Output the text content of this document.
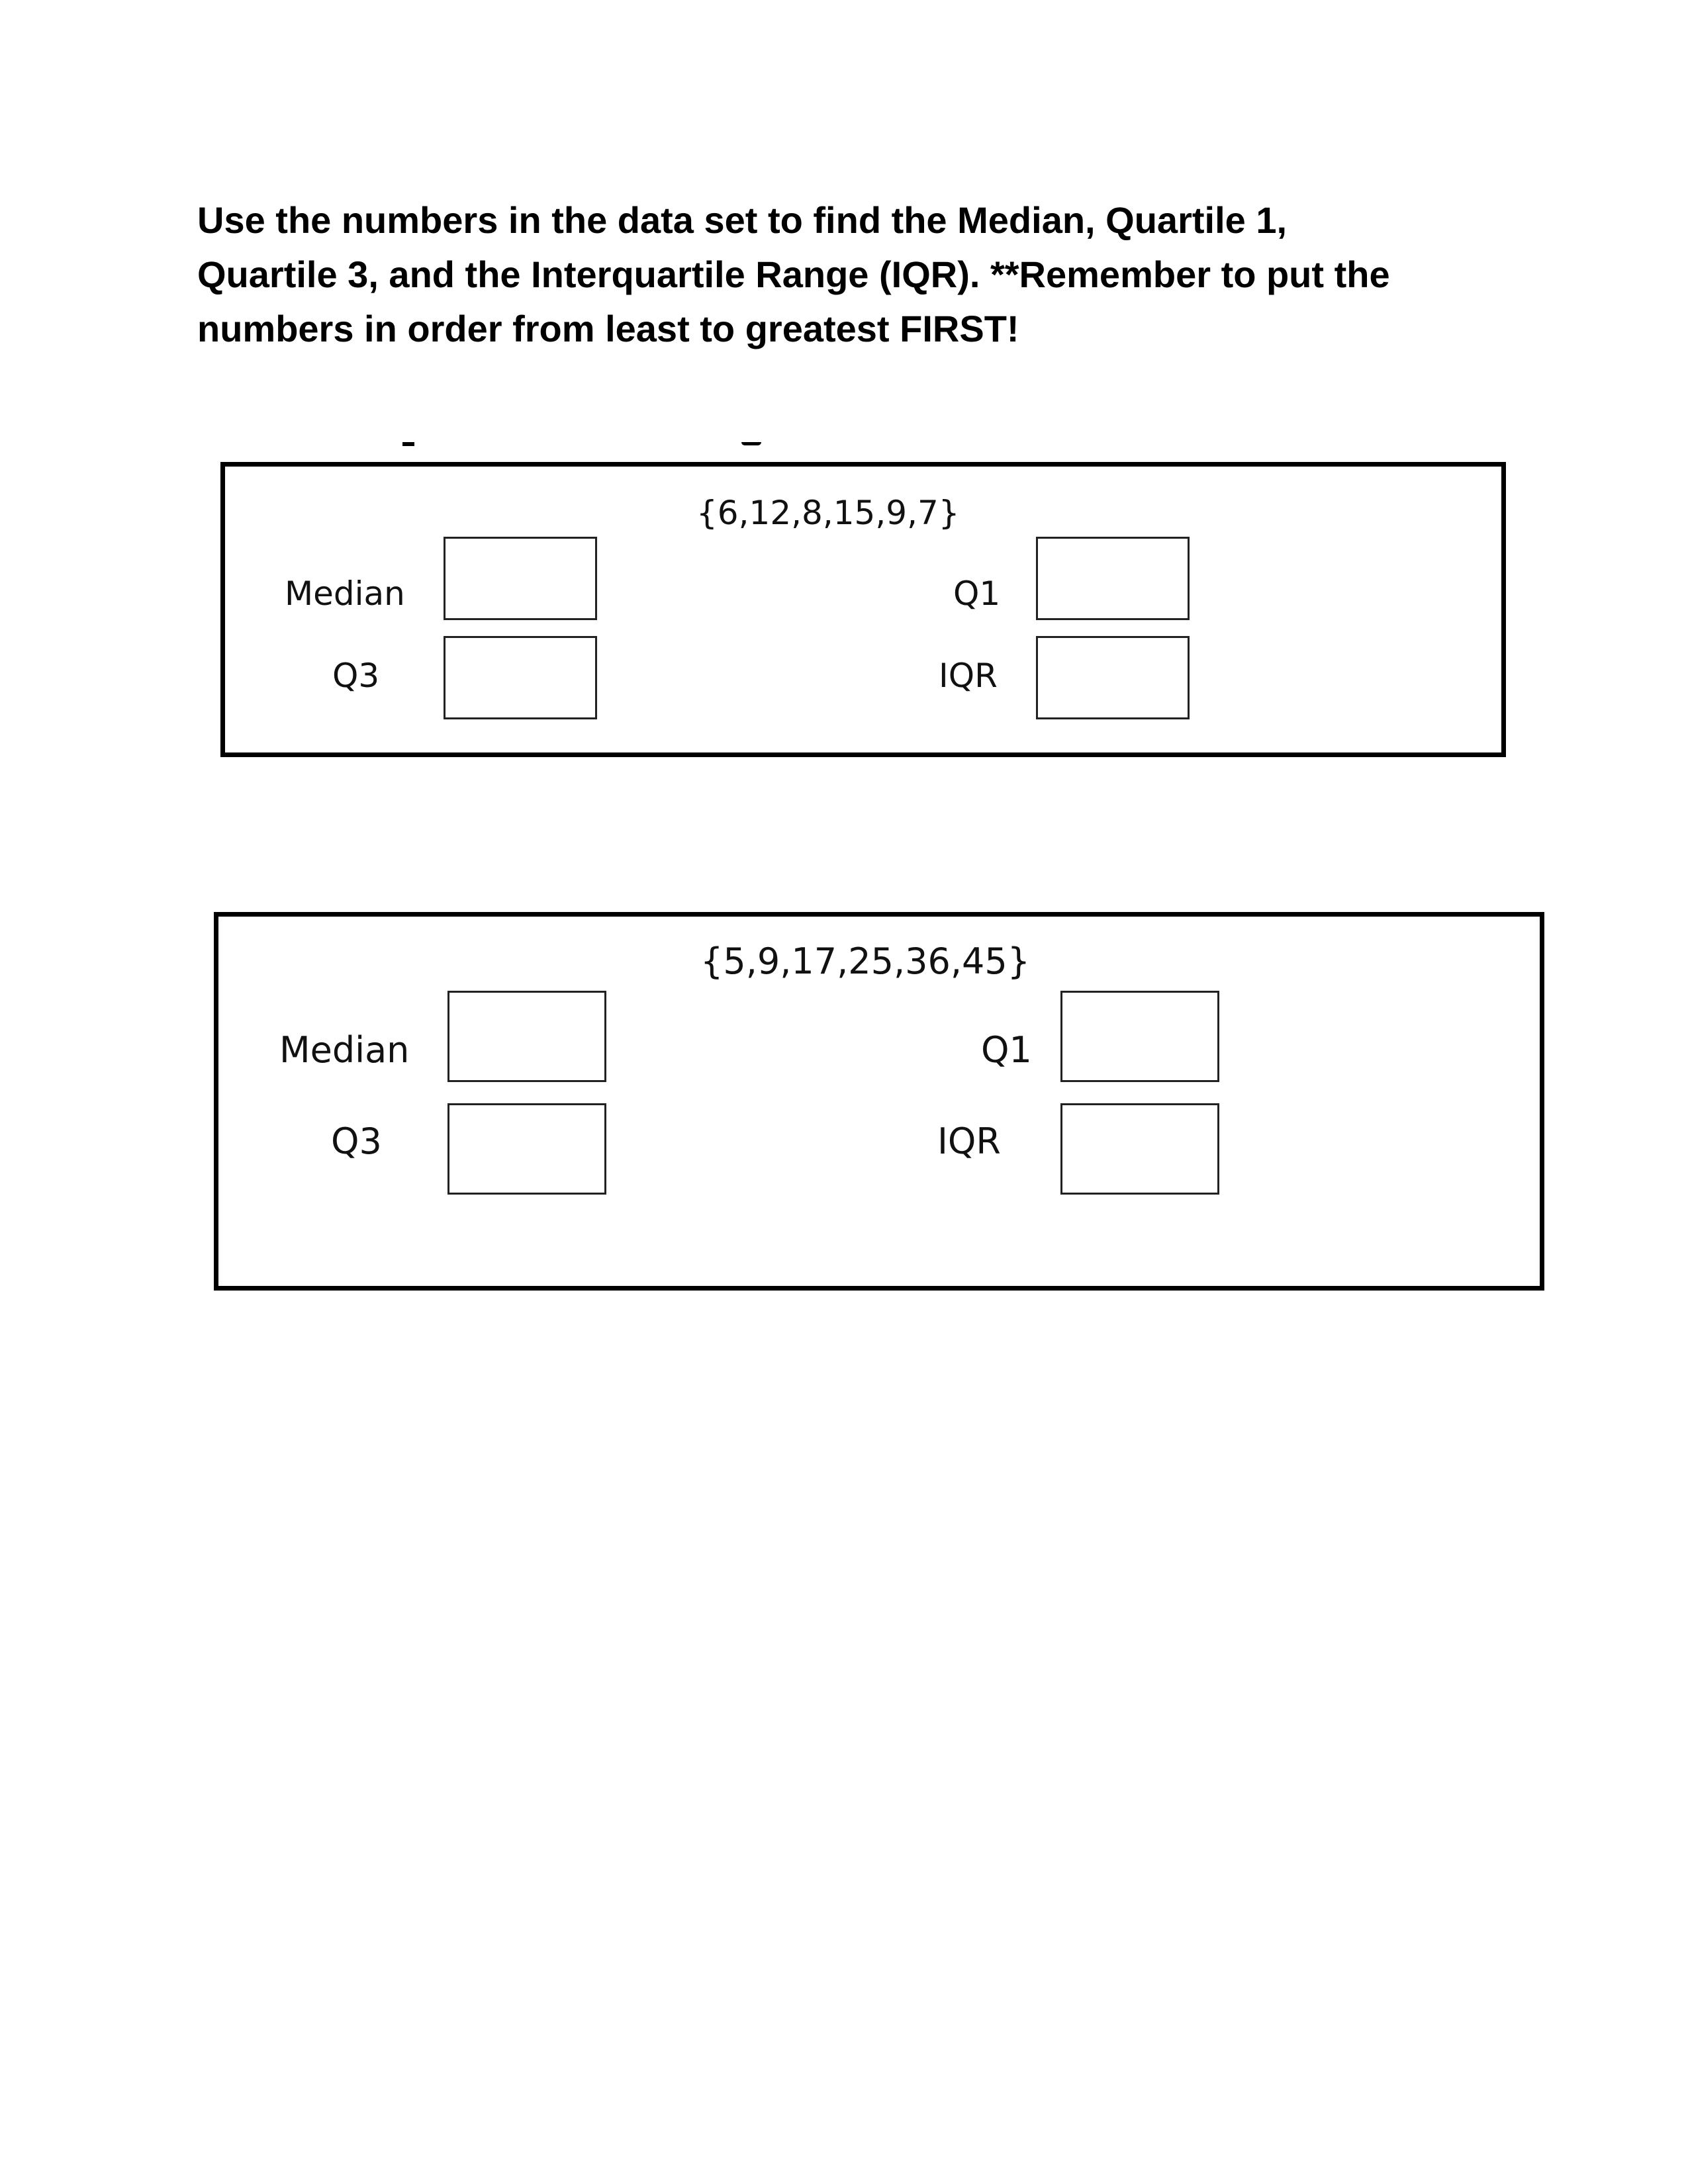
Use the numbers in the data set to find the Median, Quartile 1,
Quartile 3, and the Interquartile Range (IQR). **Remember to put the
numbers in order from least to greatest FIRST!
{6,12,8,15,9,7}
Median	Q1
Q3	IQR
{5,9,17,25,36,45}
Median	Q1
Q3	IQR
